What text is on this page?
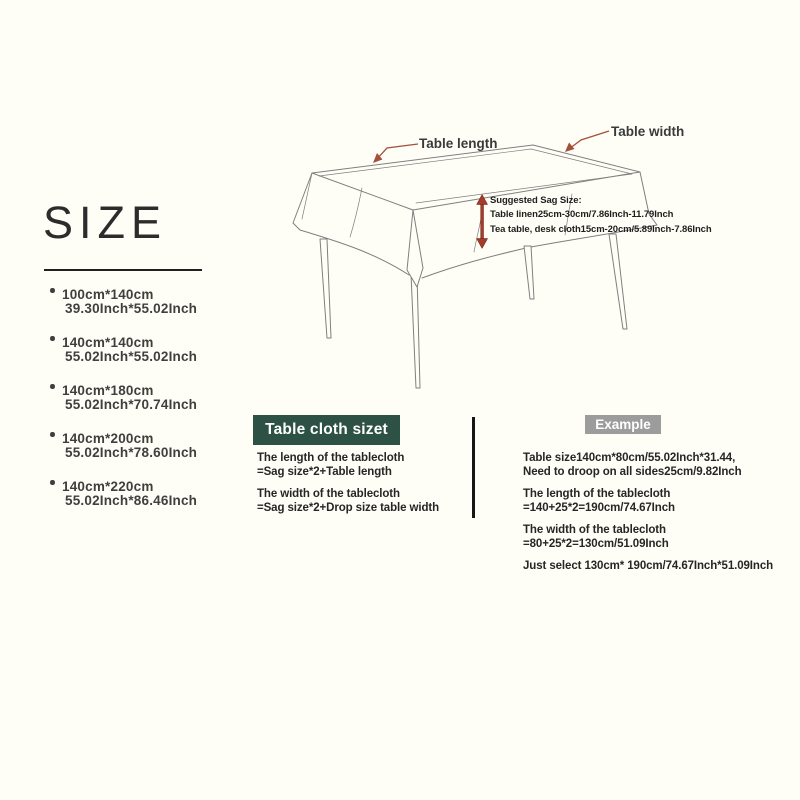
SIZE
100cm*140cm
39.30Inch*55.02Inch
140cm*140cm
55.02Inch*55.02Inch
140cm*180cm
55.02Inch*70.74Inch
140cm*200cm
55.02Inch*78.60Inch
140cm*220cm
55.02Inch*86.46Inch
Table length
Table width
Suggested Sag Size:
Table linen25cm-30cm/7.86Inch-11.79Inch
Tea table, desk cloth15cm-20cm/5.89Inch-7.86Inch
Table cloth sizet

The length of the tablecloth
=Sag size*2+Table length

The width of the tablecloth
=Sag size*2+Drop size table width

Example

Table size140cm*80cm/55.02Inch*31.44,
Need to droop on all sides25cm/9.82Inch

The length of the tablecloth
=140+25*2=190cm/74.67Inch

The width of the tablecloth
=80+25*2=130cm/51.09Inch

Just select 130cm* 190cm/74.67Inch*51.09Inch
